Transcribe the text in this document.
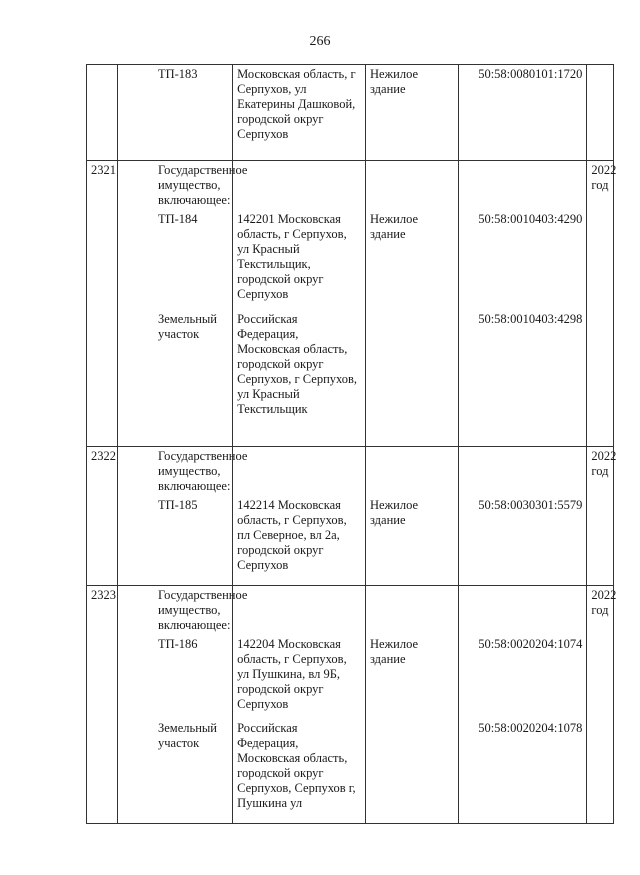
266
	ТП-183	Московская область, г Серпухов, ул Екатерины Дашковой, городской округ Серпухов	Нежилое здание	50:58:0080101:1720	
2321	Государственное имущество, включающее:				2022 год
	ТП-184	142201 Московская область, г Серпухов, ул Красный Текстильщик, городской округ Серпухов	Нежилое здание	50:58:0010403:4290	
	Земельный участок	Российская Федерация, Московская область, городской округ Серпухов, г Серпухов, ул Красный Текстильщик		50:58:0010403:4298	
2322	Государственное имущество, включающее:				2022 год
	ТП-185	142214 Московская область, г Серпухов, пл Северное, вл 2а, городской округ Серпухов	Нежилое здание	50:58:0030301:5579	
2323	Государственное имущество, включающее:				2022 год
	ТП-186	142204 Московская область, г Серпухов, ул Пушкина, вл 9Б, городской округ Серпухов	Нежилое здание	50:58:0020204:1074	
	Земельный участок	Российская Федерация, Московская область, городской округ Серпухов, Серпухов г, Пушкина ул		50:58:0020204:1078	
